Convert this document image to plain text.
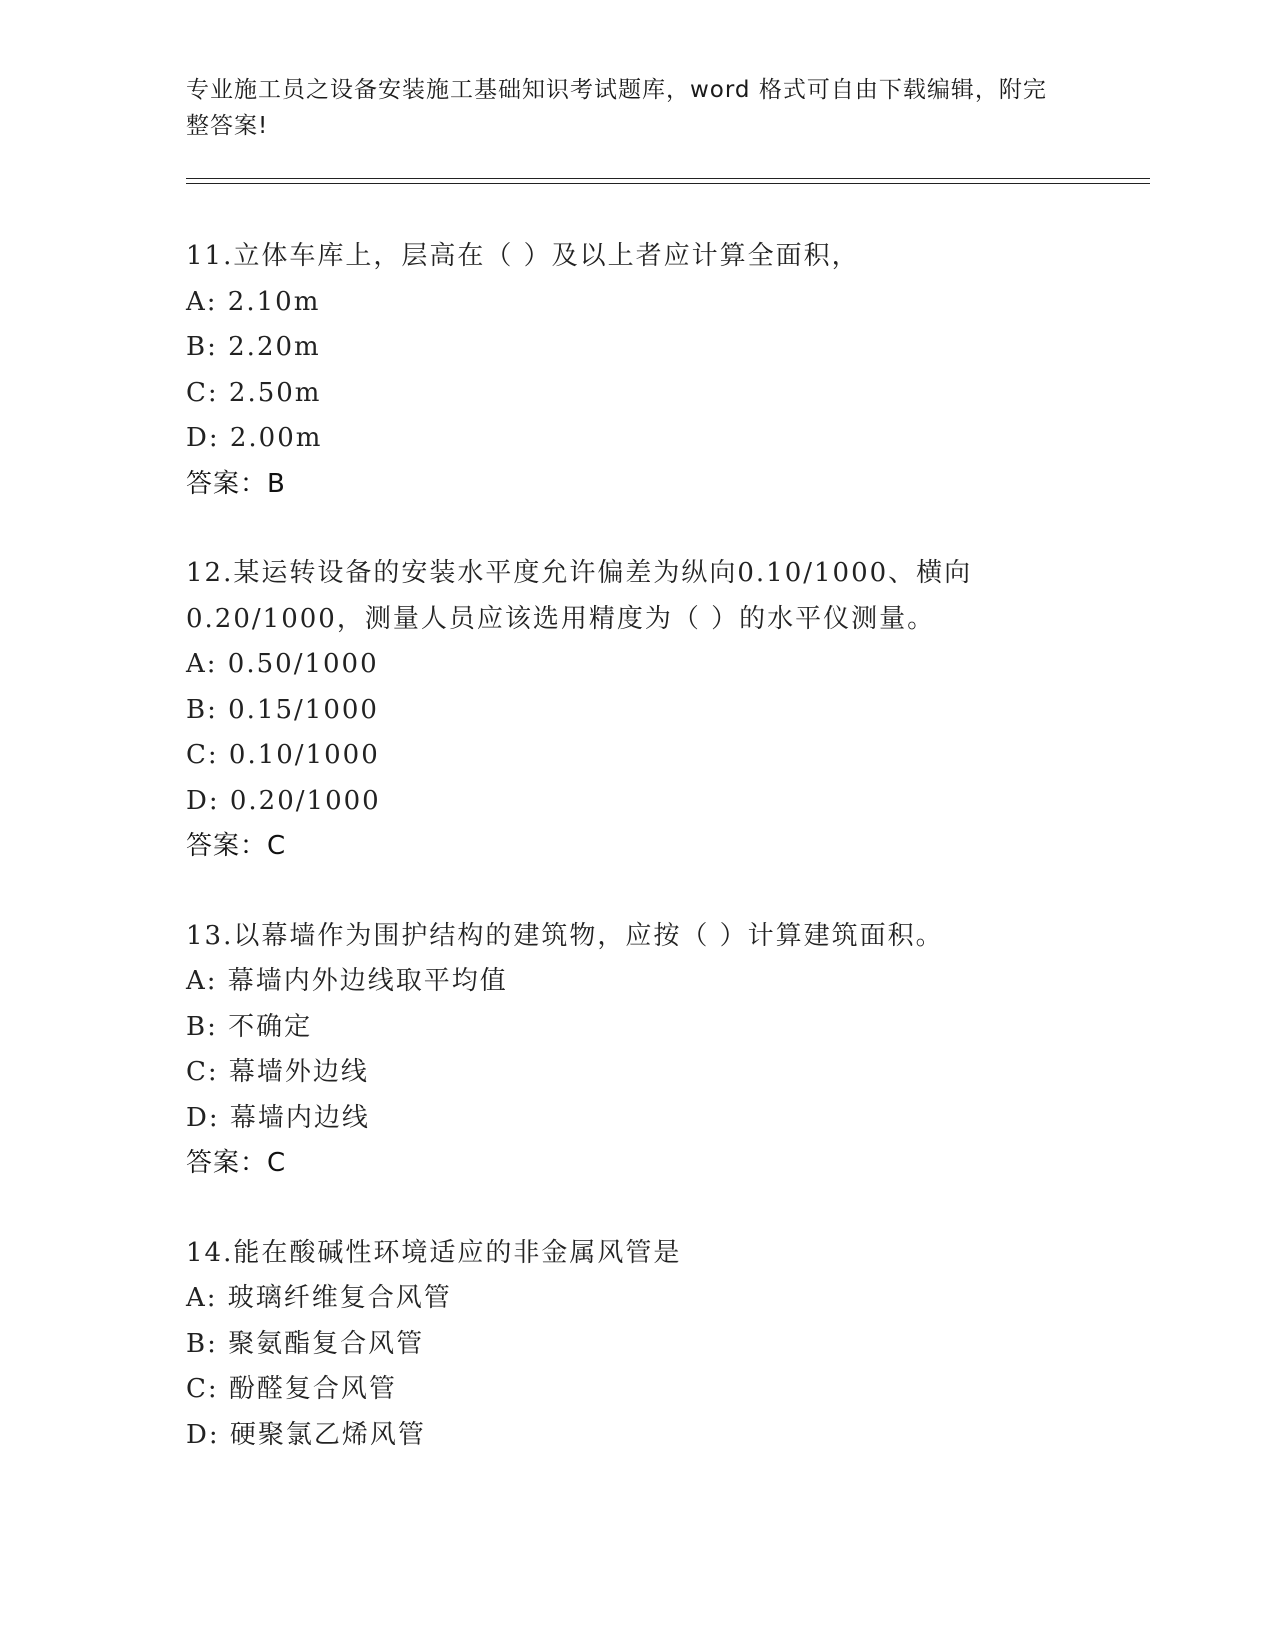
专业施工员之设备安装施工基础知识考试题库，word 格式可自由下载编辑，附完
整答案!
11.立体车库上，层高在（ ）及以上者应计算全面积，
A: 2.10m
B: 2.20m
C: 2.50m
D: 2.00m
答案：B
12.某运转设备的安装水平度允许偏差为纵向0.10/1000、横向
0.20/1000，测量人员应该选用精度为（ ）的水平仪测量。
A: 0.50/1000
B: 0.15/1000
C: 0.10/1000
D: 0.20/1000
答案：C
13.以幕墙作为围护结构的建筑物，应按（ ）计算建筑面积。
A: 幕墙内外边线取平均值
B: 不确定
C: 幕墙外边线
D: 幕墙内边线
答案：C
14.能在酸碱性环境适应的非金属风管是
A: 玻璃纤维复合风管
B: 聚氨酯复合风管
C: 酚醛复合风管
D: 硬聚氯乙烯风管
